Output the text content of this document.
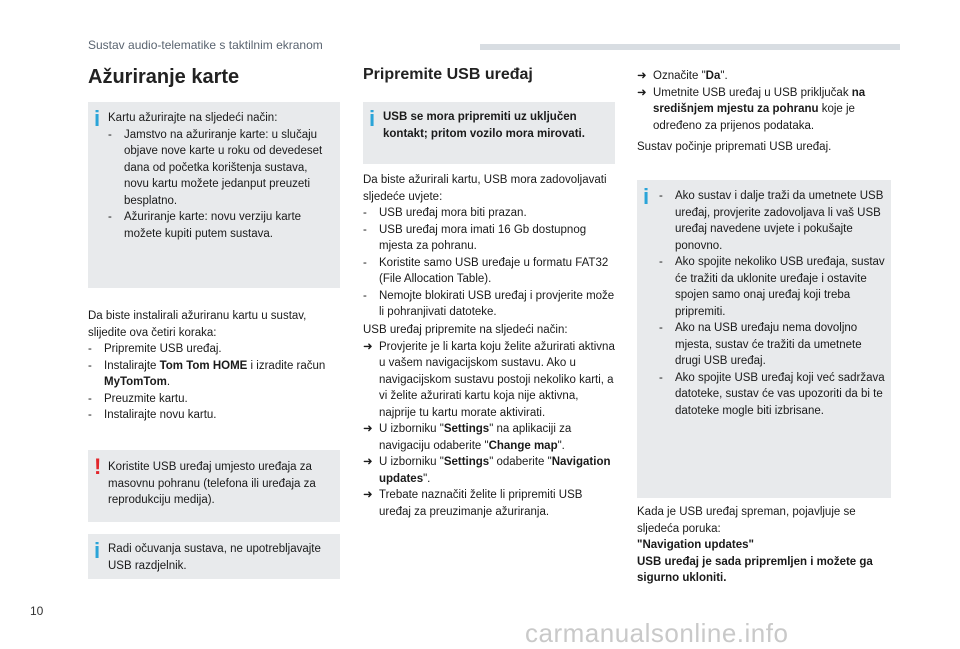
Sustav audio-telematike s taktilnim ekranom
Ažuriranje karte
i Kartu ažurirajte na sljedeći način:
- Jamstvo na ažuriranje karte: u slučaju objave nove karte u roku od devedeset dana od početka korištenja sustava, novu kartu možete jedanput preuzeti besplatno.
- Ažuriranje karte: novu verziju karte možete kupiti putem sustava.
Da biste instalirali ažuriranu kartu u sustav, slijedite ova četiri koraka:
- Pripremite USB uređaj.
- Instalirajte Tom Tom HOME i izradite račun MyTomTom.
- Preuzmite kartu.
- Instalirajte novu kartu.
! Koristite USB uređaj umjesto uređaja za masovnu pohranu (telefona ili uređaja za reprodukciju medija).
i Radi očuvanja sustava, ne upotrebljavajte USB razdjelnik.
Pripremite USB uređaj
i USB se mora pripremiti uz uključen kontakt; pritom vozilo mora mirovati.
Da biste ažurirali kartu, USB mora zadovoljavati sljedeće uvjete:
- USB uređaj mora biti prazan.
- USB uređaj mora imati 16 Gb dostupnog mjesta za pohranu.
- Koristite samo USB uređaje u formatu FAT32 (File Allocation Table).
- Nemojte blokirati USB uređaj i provjerite može li pohranjivati datoteke.
USB uređaj pripremite na sljedeći način:
➜ Provjerite je li karta koju želite ažurirati aktivna u vašem navigacijskom sustavu. Ako u navigacijskom sustavu postoji nekoliko karti, a vi želite ažurirati kartu koja nije aktivna, najprije tu kartu morate aktivirati.
➜ U izborniku "Settings" na aplikaciji za navigaciju odaberite "Change map".
➜ U izborniku "Settings" odaberite "Navigation updates".
➜ Trebate naznačiti želite li pripremiti USB uređaj za preuzimanje ažuriranja.
➜ Označite "Da".
➜ Umetnite USB uređaj u USB priključak na središnjem mjestu za pohranu koje je određeno za prijenos podataka.
Sustav počinje pripremati USB uređaj.
i - Ako sustav i dalje traži da umetnete USB uređaj, provjerite zadovoljava li vaš USB uređaj navedene uvjete i pokušajte ponovno.
- Ako spojite nekoliko USB uređaja, sustav će tražiti da uklonite uređaje i ostavite spojen samo onaj uređaj koji treba pripremiti.
- Ako na USB uređaju nema dovoljno mjesta, sustav će tražiti da umetnete drugi USB uređaj.
- Ako spojite USB uređaj koji već sadržava datoteke, sustav će vas upozoriti da bi te datoteke mogle biti izbrisane.
Kada je USB uređaj spreman, pojavljuje se sljedeća poruka:
"Navigation updates"
USB uređaj je sada pripremljen i možete ga sigurno ukloniti.
10
carmanualsonline.info
